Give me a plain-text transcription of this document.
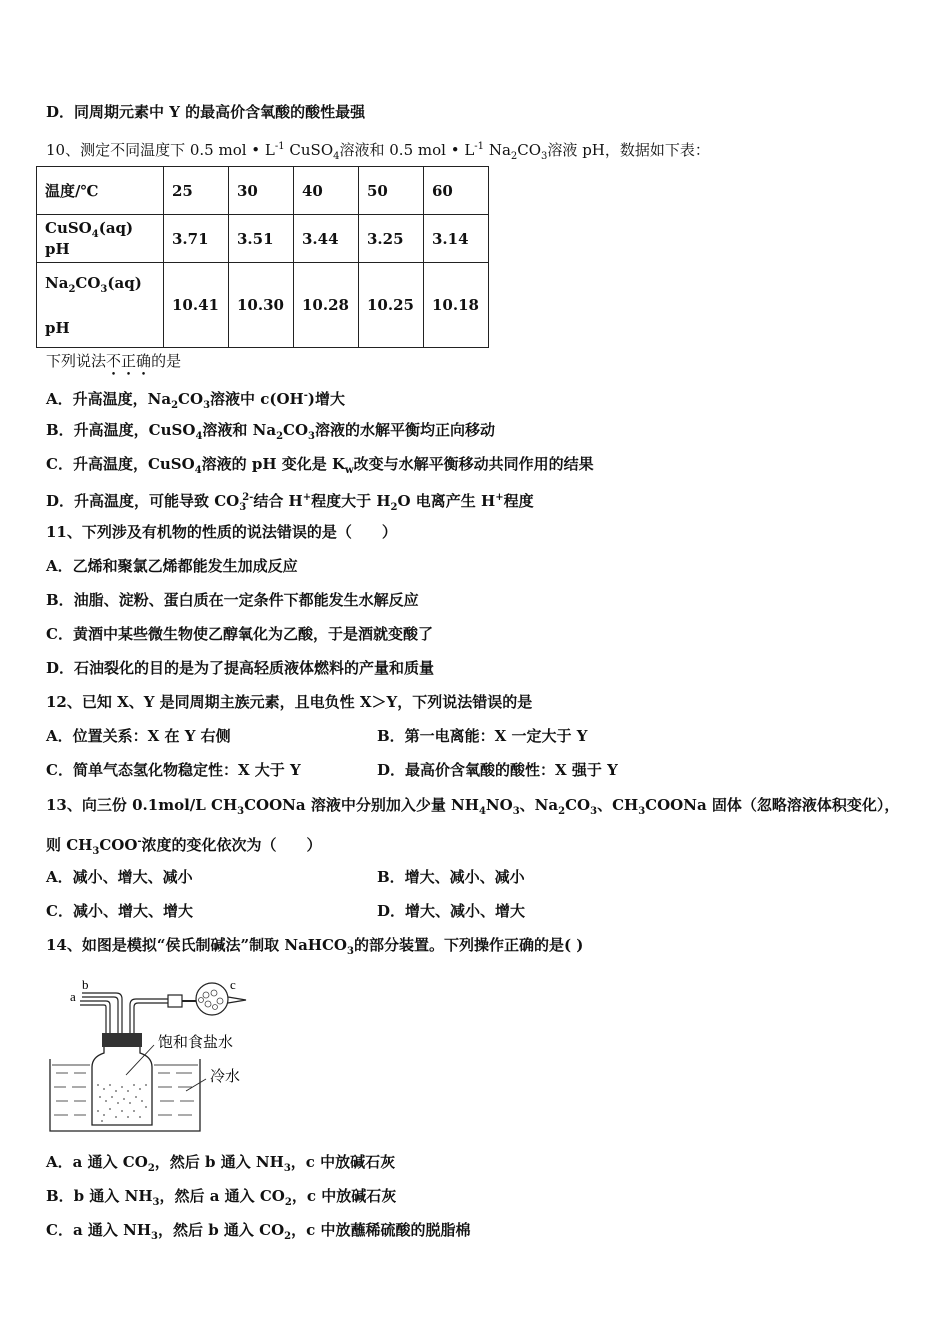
D．同周期元素中 Y 的最高价含氧酸的酸性最强
10、测定不同温度下 0.5 mol • $L^{-1}$ CuSO$_4$溶液和 0.5 mol • $L^{-1}$ $Na_2CO_3$溶液 pH，数据如下表：
温度/℃	25	30	40	50	60
CuSO$_4$(aq) pH	3.71	3.51	3.44	3.25	3.14
$Na_2CO_3(aq)$
pH	10.41	10.30	10.28	10.25	10.18
下列说法不正确的是
A．升高温度，$Na_2CO_3$溶液中 c(OH-)增大
B．升高温度，CuSO$_4$溶液和 $Na_2CO_3$溶液的水解平衡均正向移动
C．升高温度，CuSO$_4$溶液的 pH 变化是 $K_w$改变与水解平衡移动共同作用的结果
D．升高温度，可能导致 $CO_3^{2-}$结合 H+程度大于 $H_2O$ 电离产生 H+程度
11、下列涉及有机物的性质的说法错误的是（　　）
A．乙烯和聚氯乙烯都能发生加成反应
B．油脂、淀粉、蛋白质在一定条件下都能发生水解反应
C．黄酒中某些微生物使乙醇氧化为乙酸，于是酒就变酸了
D．石油裂化的目的是为了提高轻质液体燃料的产量和质量
12、已知 X、Y 是同周期主族元素，且电负性 X＞Y，下列说法错误的是
A．位置关系：X 在 Y 右侧	B．第一电离能：X 一定大于 Y
C．简单气态氢化物稳定性：X 大于 Y	D．最高价含氧酸的酸性：X 强于 Y
13、向三份 0.1mol/L $CH_3COONa$ 溶液中分别加入少量 $NH_4NO_3$、$Na_2CO_3$、$CH_3COONa$ 固体（忽略溶液体积变化），
则 $CH_3COO^-$浓度的变化依次为（　　）
A．减小、增大、减小	B．增大、减小、减小
C．减小、增大、增大	D．增大、减小、增大
14、如图是模拟“侯氏制碱法”制取 NaHCO$_3$的部分装置。下列操作正确的是( )
b
a
c
饱和食盐水
冷水
A．a 通入 $CO_2$，然后 b 通入 $NH_3$，c 中放碱石灰
B．b 通入 $NH_3$，然后 a 通入 $CO_2$，c 中放碱石灰
C．a 通入 $NH_3$，然后 b 通入 $CO_2$，c 中放蘸稀硫酸的脱脂棉
